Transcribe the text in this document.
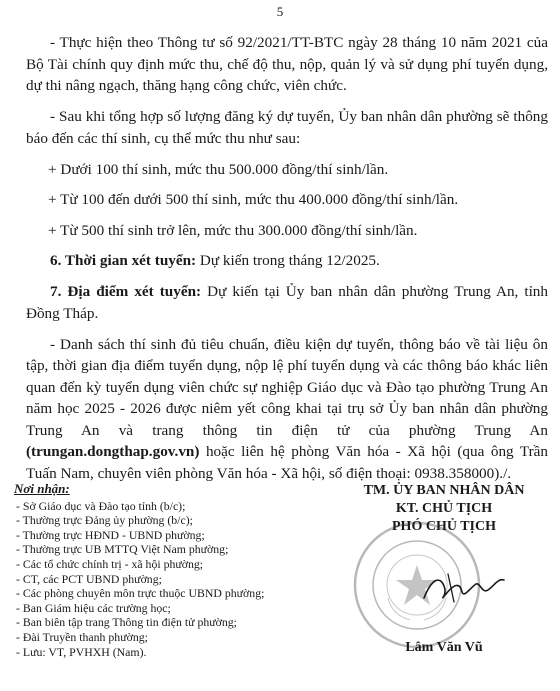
5

- Thực hiện theo Thông tư số 92/2021/TT-BTC ngày 28 tháng 10 năm 2021 của Bộ Tài chính quy định mức thu, chế độ thu, nộp, quản lý và sử dụng phí tuyển dụng, dự thi nâng ngạch, thăng hạng công chức, viên chức.

- Sau khi tổng hợp số lượng đăng ký dự tuyển, Ủy ban nhân dân phường sẽ thông báo đến các thí sinh, cụ thể mức thu như sau:

+ Dưới 100 thí sinh, mức thu 500.000 đồng/thí sinh/lần.

+ Từ 100 đến dưới 500 thí sinh, mức thu 400.000 đồng/thí sinh/lần.

+ Từ 500 thí sinh trở lên, mức thu 300.000 đồng/thí sinh/lần.

6. Thời gian xét tuyển: Dự kiến trong tháng 12/2025.

7. Địa điểm xét tuyển: Dự kiến tại Ủy ban nhân dân phường Trung An, tỉnh Đồng Tháp.

- Danh sách thí sinh đủ tiêu chuẩn, điều kiện dự tuyển, thông báo về tài liệu ôn tập, thời gian địa điểm tuyển dụng, nộp lệ phí tuyển dụng và các thông báo khác liên quan đến kỳ tuyển dụng viên chức sự nghiệp Giáo dục và Đào tạo phường Trung An năm học 2025 - 2026 được niêm yết công khai tại trụ sở Ủy ban nhân dân phường Trung An và trang thông tin điện tử của phường Trung An (trungan.dongthap.gov.vn) hoặc liên hệ phòng Văn hóa - Xã hội (qua ông Trần Tuấn Nam, chuyên viên phòng Văn hóa - Xã hội, số điện thoại: 0938.358000)./.

Nơi nhận:
- Sở Giáo dục và Đào tạo tỉnh (b/c);
- Thường trực Đảng ủy phường (b/c);
- Thường trực HĐND - UBND phường;
- Thường trực UB MTTQ Việt Nam phường;
- Các tổ chức chính trị - xã hội phường;
- CT, các PCT UBND phường;
- Các phòng chuyên môn trực thuộc UBND phường;
- Ban Giám hiệu các trường học;
- Ban biên tập trang Thông tin điện tử phường;
- Đài Truyền thanh phường;
- Lưu: VT, PVHXH (Nam).
TM. ỦY BAN NHÂN DÂN
KT. CHỦ TỊCH
PHÓ CHỦ TỊCH
Lâm Văn Vũ
